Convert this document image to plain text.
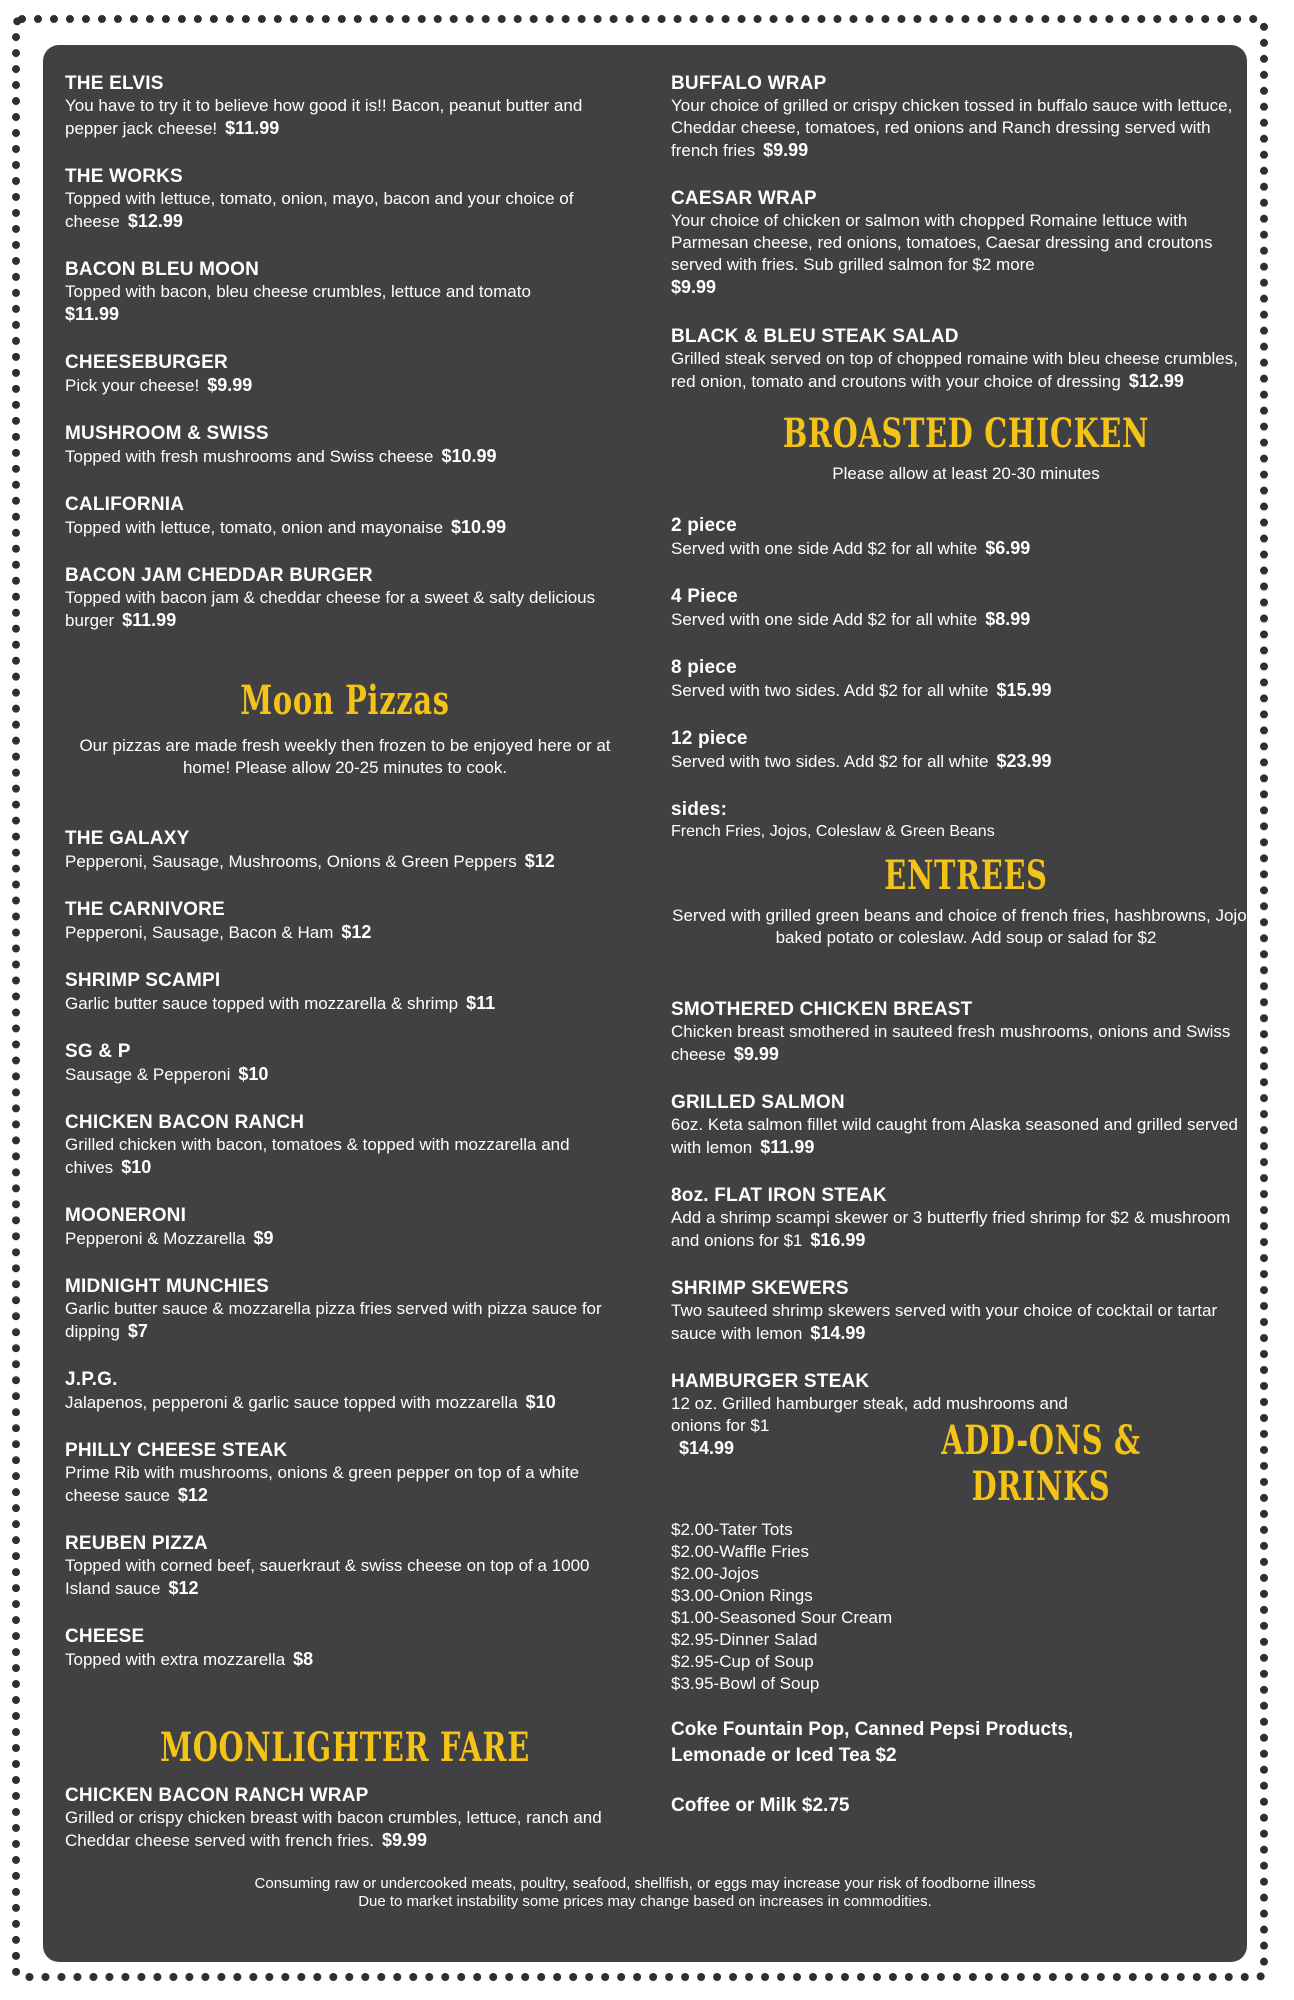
THE ELVIS
You have to try it to believe how good it is!! Bacon, peanut butter and pepper jack cheese! $11.99
THE WORKS
Topped with lettuce, tomato, onion, mayo, bacon and your choice of cheese $12.99
BACON BLEU MOON
Topped with bacon, bleu cheese crumbles, lettuce and tomato
$11.99
CHEESEBURGER
Pick your cheese! $9.99
MUSHROOM & SWISS
Topped with fresh mushrooms and Swiss cheese $10.99
CALIFORNIA
Topped with lettuce, tomato, onion and mayonaise $10.99
BACON JAM CHEDDAR BURGER
Topped with bacon jam & cheddar cheese for a sweet & salty delicious burger $11.99
Moon Pizzas
Our pizzas are made fresh weekly then frozen to be enjoyed here or at home! Please allow 20-25 minutes to cook.
THE GALAXY
Pepperoni, Sausage, Mushrooms, Onions & Green Peppers $12
THE CARNIVORE
Pepperoni, Sausage, Bacon & Ham $12
SHRIMP SCAMPI
Garlic butter sauce topped with mozzarella & shrimp $11
SG & P
Sausage & Pepperoni $10
CHICKEN BACON RANCH
Grilled chicken with bacon, tomatoes & topped with mozzarella and chives $10
MOONERONI
Pepperoni & Mozzarella $9
MIDNIGHT MUNCHIES
Garlic butter sauce & mozzarella pizza fries served with pizza sauce for dipping $7
J.P.G.
Jalapenos, pepperoni & garlic sauce topped with mozzarella $10
PHILLY CHEESE STEAK
Prime Rib with mushrooms, onions & green pepper on top of a white cheese sauce $12
REUBEN PIZZA
Topped with corned beef, sauerkraut & swiss cheese on top of a 1000 Island sauce $12
CHEESE
Topped with extra mozzarella $8
MOONLIGHTER FARE
CHICKEN BACON RANCH WRAP
Grilled or crispy chicken breast with bacon crumbles, lettuce, ranch and Cheddar cheese served with french fries. $9.99
BUFFALO WRAP
Your choice of grilled or crispy chicken tossed in buffalo sauce with lettuce, Cheddar cheese, tomatoes, red onions and Ranch dressing served with french fries $9.99
CAESAR WRAP
Your choice of chicken or salmon with chopped Romaine lettuce with Parmesan cheese, red onions, tomatoes, Caesar dressing and croutons served with fries. Sub grilled salmon for $2 more
$9.99
BLACK & BLEU STEAK SALAD
Grilled steak served on top of chopped romaine with bleu cheese crumbles, red onion, tomato and croutons with your choice of dressing $12.99
BROASTED CHICKEN
Please allow at least 20-30 minutes
2 piece
Served with one side Add $2 for all white $6.99
4 Piece
Served with one side Add $2 for all white $8.99
8 piece
Served with two sides. Add $2 for all white $15.99
12 piece
Served with two sides. Add $2 for all white $23.99
sides:
French Fries, Jojos, Coleslaw & Green Beans
ENTREES
Served with grilled green beans and choice of french fries, hashbrowns, Jojos, baked potato or coleslaw. Add soup or salad for $2
SMOTHERED CHICKEN BREAST
Chicken breast smothered in sauteed fresh mushrooms, onions and Swiss cheese $9.99
GRILLED SALMON
6oz. Keta salmon fillet wild caught from Alaska seasoned and grilled served with lemon $11.99
8oz. FLAT IRON STEAK
Add a shrimp scampi skewer or 3 butterfly fried shrimp for $2 & mushroom and onions for $1 $16.99
SHRIMP SKEWERS
Two sauteed shrimp skewers served with your choice of cocktail or tartar sauce with lemon $14.99
HAMBURGER STEAK
12 oz. Grilled hamburger steak, add mushrooms and onions for $1
$14.99	ADD-ONS & DRINKS
$2.00-Tater Tots
$2.00-Waffle Fries
$2.00-Jojos
$3.00-Onion Rings
$1.00-Seasoned Sour Cream
$2.95-Dinner Salad
$2.95-Cup of Soup
$3.95-Bowl of Soup
Coke Fountain Pop, Canned Pepsi Products, Lemonade or Iced Tea $2
Coffee or Milk $2.75
Consuming raw or undercooked meats, poultry, seafood, shellfish, or eggs may increase your risk of foodborne illness
Due to market instability some prices may change based on increases in commodities.
